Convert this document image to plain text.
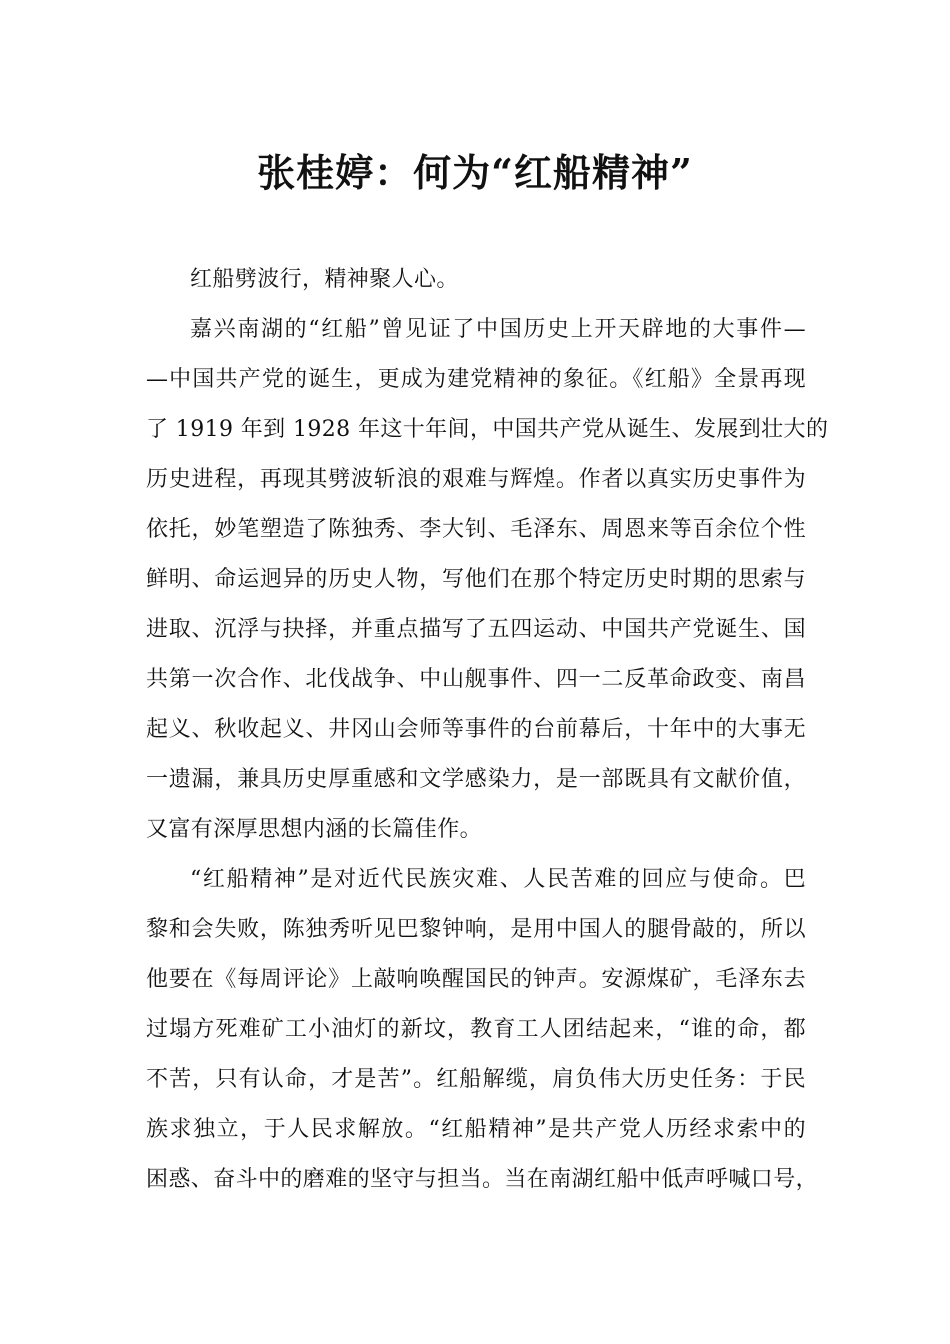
张桂婷：何为“红船精神”
红船劈波行，精神聚人心。
嘉兴南湖的“红船”曾见证了中国历史上开天辟地的大事件—
—中国共产党的诞生，更成为建党精神的象征。《红船》全景再现
了 1919 年到 1928 年这十年间，中国共产党从诞生、发展到壮大的
历史进程，再现其劈波斩浪的艰难与辉煌。作者以真实历史事件为
依托，妙笔塑造了陈独秀、李大钊、毛泽东、周恩来等百余位个性
鲜明、命运迥异的历史人物，写他们在那个特定历史时期的思索与
进取、沉浮与抉择，并重点描写了五四运动、中国共产党诞生、国
共第一次合作、北伐战争、中山舰事件、四一二反革命政变、南昌
起义、秋收起义、井冈山会师等事件的台前幕后，十年中的大事无
一遗漏，兼具历史厚重感和文学感染力，是一部既具有文献价值，
又富有深厚思想内涵的长篇佳作。
“红船精神”是对近代民族灾难、人民苦难的回应与使命。巴
黎和会失败，陈独秀听见巴黎钟响，是用中国人的腿骨敲的，所以
他要在《每周评论》上敲响唤醒国民的钟声。安源煤矿，毛泽东去
过塌方死难矿工小油灯的新坟，教育工人团结起来，“谁的命，都
不苦，只有认命，才是苦”。红船解缆，肩负伟大历史任务：于民
族求独立，于人民求解放。“红船精神”是共产党人历经求索中的
困惑、奋斗中的磨难的坚守与担当。当在南湖红船中低声呼喊口号，
